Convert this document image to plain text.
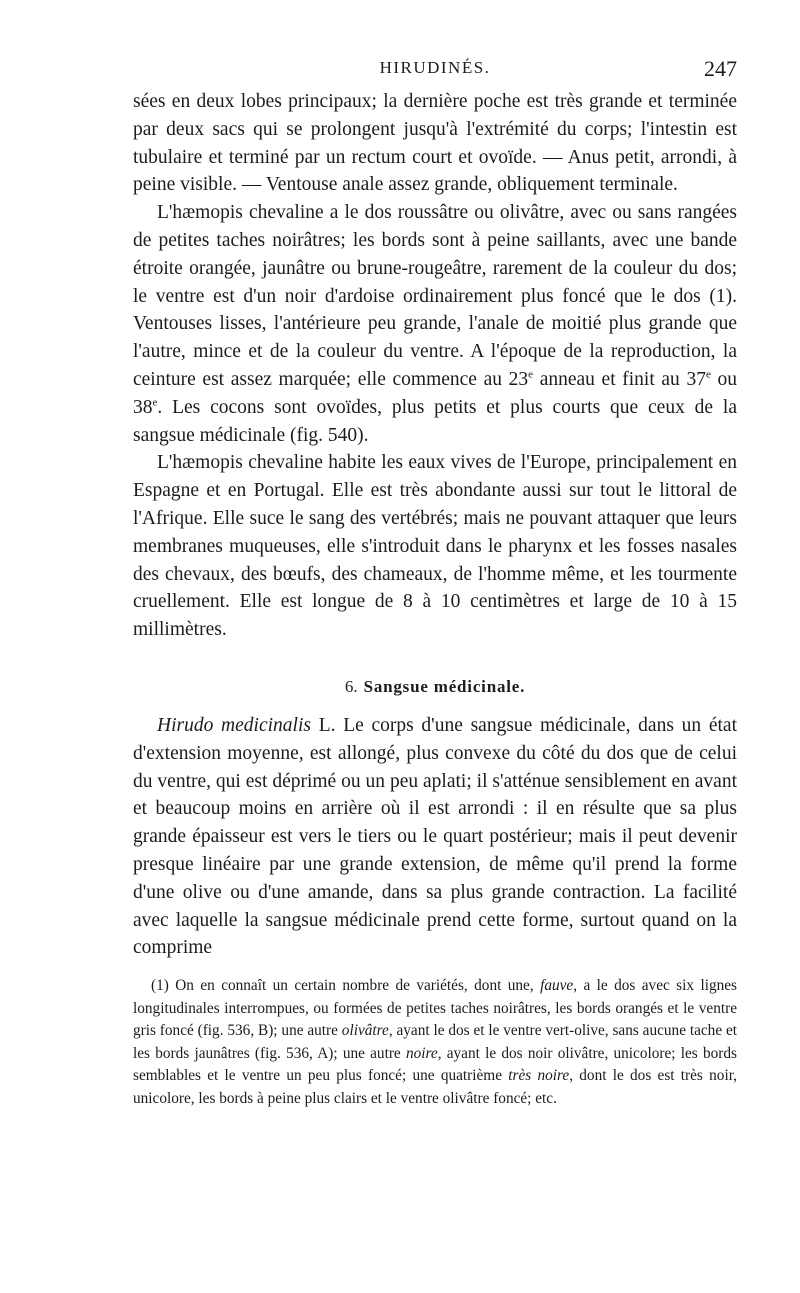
HIRUDINÉS.	247

sées en deux lobes principaux; la dernière poche est très grande et terminée par deux sacs qui se prolongent jusqu'à l'extrémité du corps; l'intestin est tubulaire et terminé par un rectum court et ovoïde. — Anus petit, arrondi, à peine visible. — Ventouse anale assez grande, obliquement terminale.

L'hæmopis chevaline a le dos roussâtre ou olivâtre, avec ou sans rangées de petites taches noirâtres; les bords sont à peine saillants, avec une bande étroite orangée, jaunâtre ou brune-rougeâtre, rarement de la couleur du dos; le ventre est d'un noir d'ardoise ordinairement plus foncé que le dos (1). Ventouses lisses, l'antérieure peu grande, l'anale de moitié plus grande que l'autre, mince et de la couleur du ventre. A l'époque de la reproduction, la ceinture est assez marquée; elle commence au 23e anneau et finit au 37e ou 38e. Les cocons sont ovoïdes, plus petits et plus courts que ceux de la sangsue médicinale (fig. 540).

L'hæmopis chevaline habite les eaux vives de l'Europe, principalement en Espagne et en Portugal. Elle est très abondante aussi sur tout le littoral de l'Afrique. Elle suce le sang des vertébrés; mais ne pouvant attaquer que leurs membranes muqueuses, elle s'introduit dans le pharynx et les fosses nasales des chevaux, des bœufs, des chameaux, de l'homme même, et les tourmente cruellement. Elle est longue de 8 à 10 centimètres et large de 10 à 15 millimètres.

6. Sangsue médicinale.

Hirudo medicinalis L. Le corps d'une sangsue médicinale, dans un état d'extension moyenne, est allongé, plus convexe du côté du dos que de celui du ventre, qui est déprimé ou un peu aplati; il s'atténue sensiblement en avant et beaucoup moins en arrière où il est arrondi : il en résulte que sa plus grande épaisseur est vers le tiers ou le quart postérieur; mais il peut devenir presque linéaire par une grande extension, de même qu'il prend la forme d'une olive ou d'une amande, dans sa plus grande contraction. La facilité avec laquelle la sangsue médicinale prend cette forme, surtout quand on la comprime

(1) On en connaît un certain nombre de variétés, dont une, fauve, a le dos avec six lignes longitudinales interrompues, ou formées de petites taches noirâtres, les bords orangés et le ventre gris foncé (fig. 536, B); une autre olivâtre, ayant le dos et le ventre vert-olive, sans aucune tache et les bords jaunâtres (fig. 536, A); une autre noire, ayant le dos noir olivâtre, unicolore; les bords semblables et le ventre un peu plus foncé; une quatrième très noire, dont le dos est très noir, unicolore, les bords à peine plus clairs et le ventre olivâtre foncé; etc.
